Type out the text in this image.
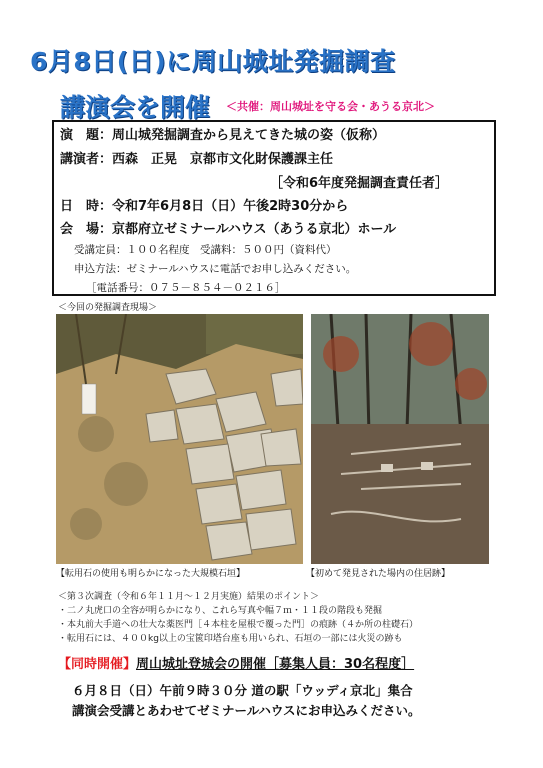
6月8日(日)に周山城址発掘調査
講演会を開催 ＜共催：周山城址を守る会・あうる京北＞
演　題：周山城発掘調査から見えてきた城の姿（仮称）
講演者：西森　正晃　京都市文化財保護課主任
［令和6年度発掘調査責任者］
日　時：令和7年6月8日（日）午後2時30分から
会　場：京都府立ゼミナールハウス（あうる京北）ホール
受講定員：１００名程度　受講料：５００円（資料代）
申込方法：ゼミナールハウスに電話でお申し込みください。
［電話番号：０７５－８５４－０２１６］
＜今回の発掘調査現場＞
【転用石の使用も明らかになった大規模石垣】	【初めて発見された場内の住居跡】
＜第３次調査（令和６年１１月～１２月実施）結果のポイント＞
・二ノ丸虎口の全容が明らかになり、これら写真や幅７ｍ・１１段の階段も発掘
・本丸前大手道への壮大な薬医門［４本柱を屋根で覆った門］の痕跡（４か所の柱礎石）
・転用石には、４００kg以上の宝篋印塔台座も用いられ、石垣の一部には火災の跡も
【同時開催】周山城址登城会の開催［募集人員：30名程度］
６月８日（日）午前９時３０分 道の駅「ウッディ京北」集合
講演会受講とあわせてゼミナールハウスにお申込みください。
